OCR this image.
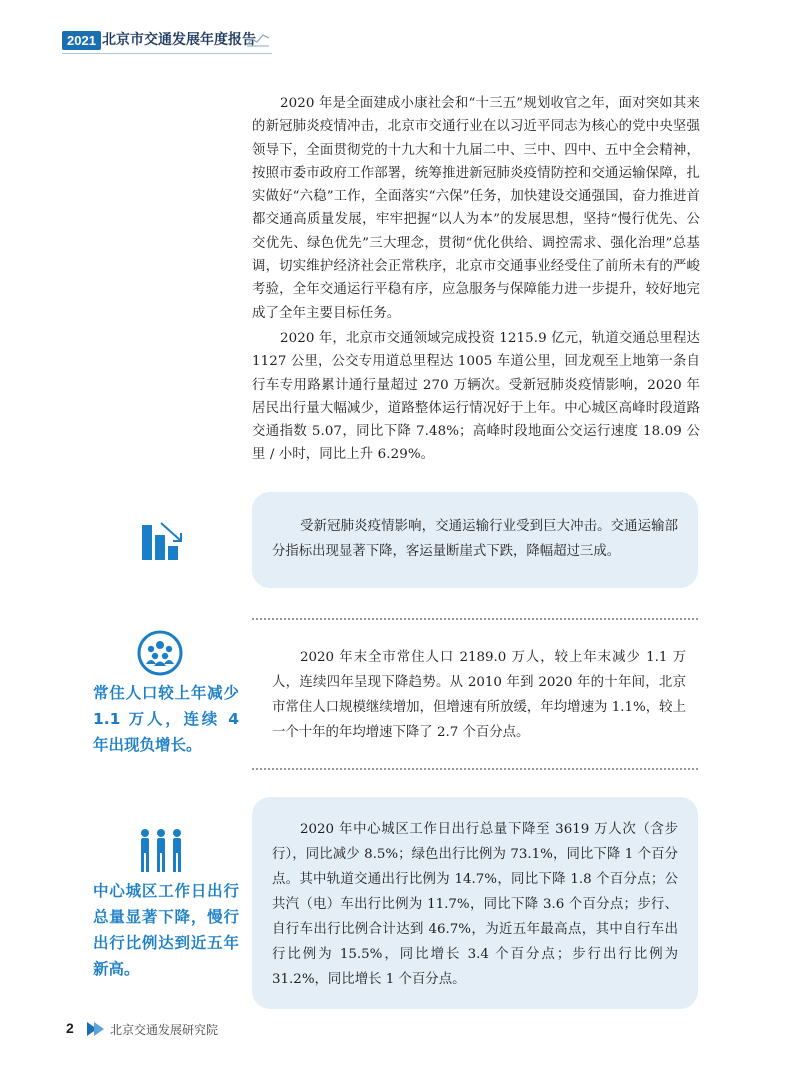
2021 北京市交通发展年度报告

2020 年是全面建成小康社会和“十三五”规划收官之年，面对突如其来的新冠肺炎疫情冲击，北京市交通行业在以习近平同志为核心的党中央坚强领导下，全面贯彻党的十九大和十九届二中、三中、四中、五中全会精神，按照市委市政府工作部署，统筹推进新冠肺炎疫情防控和交通运输保障，扎实做好“六稳”工作，全面落实“六保”任务，加快建设交通强国，奋力推进首都交通高质量发展，牢牢把握“以人为本”的发展思想，坚持“慢行优先、公交优先、绿色优先”三大理念，贯彻“优化供给、调控需求、强化治理”总基调，切实维护经济社会正常秩序，北京市交通事业经受住了前所未有的严峻考验，全年交通运行平稳有序，应急服务与保障能力进一步提升，较好地完成了全年主要目标任务。

2020 年，北京市交通领域完成投资 1215.9 亿元，轨道交通总里程达 1127 公里，公交专用道总里程达 1005 车道公里，回龙观至上地第一条自行车专用路累计通行量超过 270 万辆次。受新冠肺炎疫情影响，2020 年居民出行量大幅减少，道路整体运行情况好于上年。中心城区高峰时段道路交通指数 5.07，同比下降 7.48%；高峰时段地面公交运行速度 18.09 公里 / 小时，同比上升 6.29%。

受新冠肺炎疫情影响，交通运输行业受到巨大冲击。交通运输部分指标出现显著下降，客运量断崖式下跌，降幅超过三成。

常住人口较上年减少 1.1 万人，连续 4 年出现负增长。

2020 年末全市常住人口 2189.0 万人，较上年末减少 1.1 万人，连续四年呈现下降趋势。从 2010 年到 2020 年的十年间，北京市常住人口规模继续增加，但增速有所放缓，年均增速为 1.1%，较上一个十年的年均增速下降了 2.7 个百分点。

中心城区工作日出行总量显著下降，慢行出行比例达到近五年新高。

2020 年中心城区工作日出行总量下降至 3619 万人次（含步行），同比减少 8.5%；绿色出行比例为 73.1%，同比下降 1 个百分点。其中轨道交通出行比例为 14.7%，同比下降 1.8 个百分点；公共汽（电）车出行比例为 11.7%，同比下降 3.6 个百分点；步行、自行车出行比例合计达到 46.7%，为近五年最高点，其中自行车出行比例为 15.5%，同比增长 3.4 个百分点；步行出行比例为 31.2%，同比增长 1 个百分点。

2	北京交通发展研究院
